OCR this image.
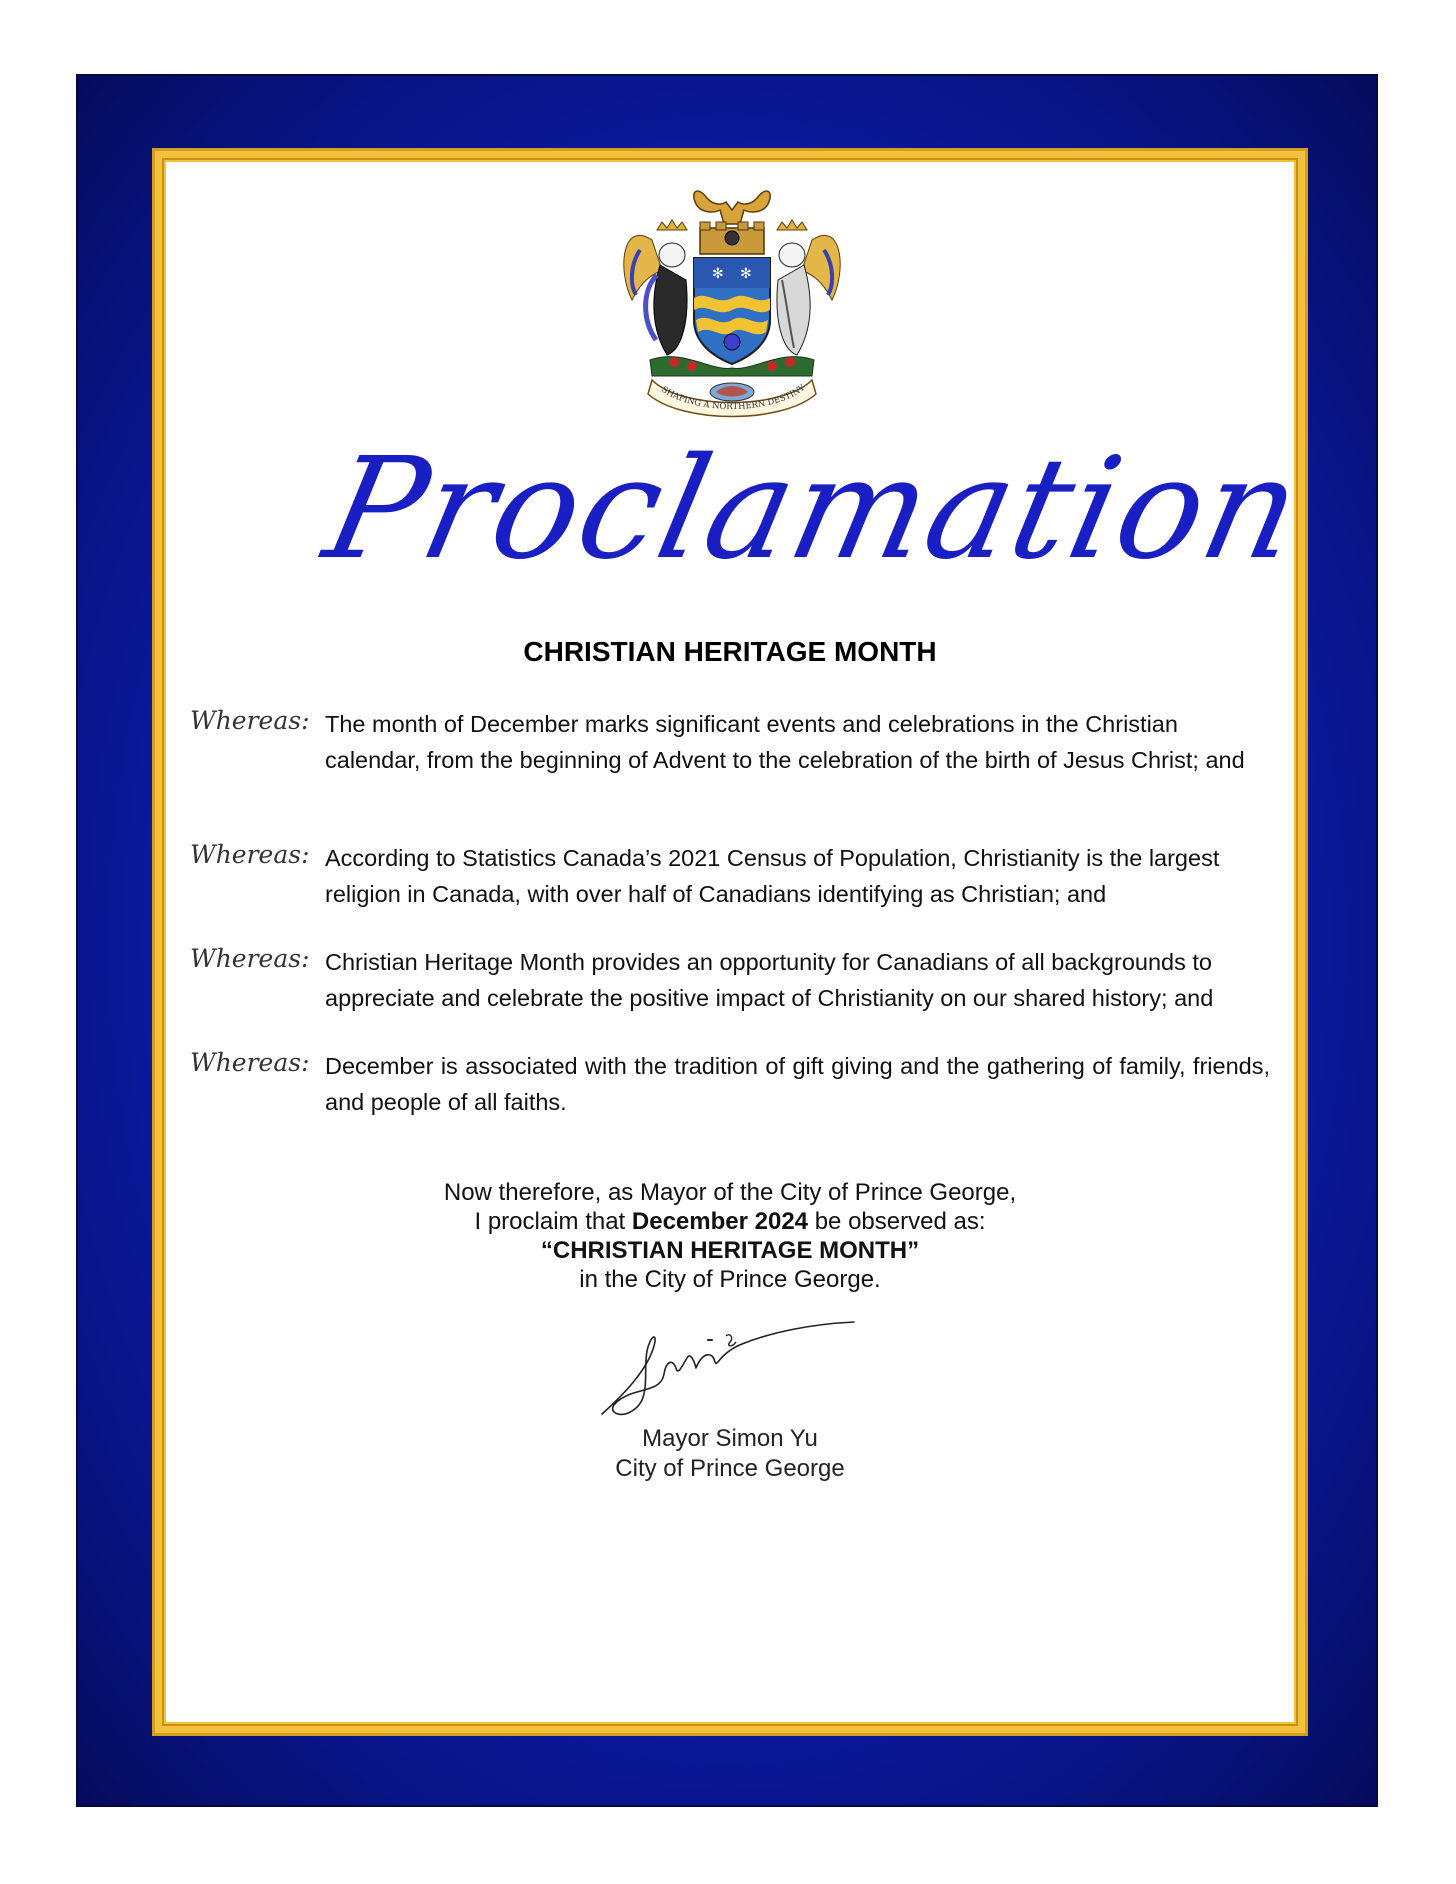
✻ ✻
SHAPING A NORTHERN DESTINY
Proclamation
CHRISTIAN HERITAGE MONTH
Whereas: The month of December marks significant events and celebrations in the Christian calendar, from the beginning of Advent to the celebration of the birth of Jesus Christ; and
Whereas: According to Statistics Canada’s 2021 Census of Population, Christianity is the largest religion in Canada, with over half of Canadians identifying as Christian; and
Whereas: Christian Heritage Month provides an opportunity for Canadians of all backgrounds to appreciate and celebrate the positive impact of Christianity on our shared history; and
Whereas: December is associated with the tradition of gift giving and the gathering of family, friends, and people of all faiths.
Now therefore, as Mayor of the City of Prince George,
I proclaim that December 2024 be observed as:
“CHRISTIAN HERITAGE MONTH”
in the City of Prince George.
Mayor Simon Yu
City of Prince George
